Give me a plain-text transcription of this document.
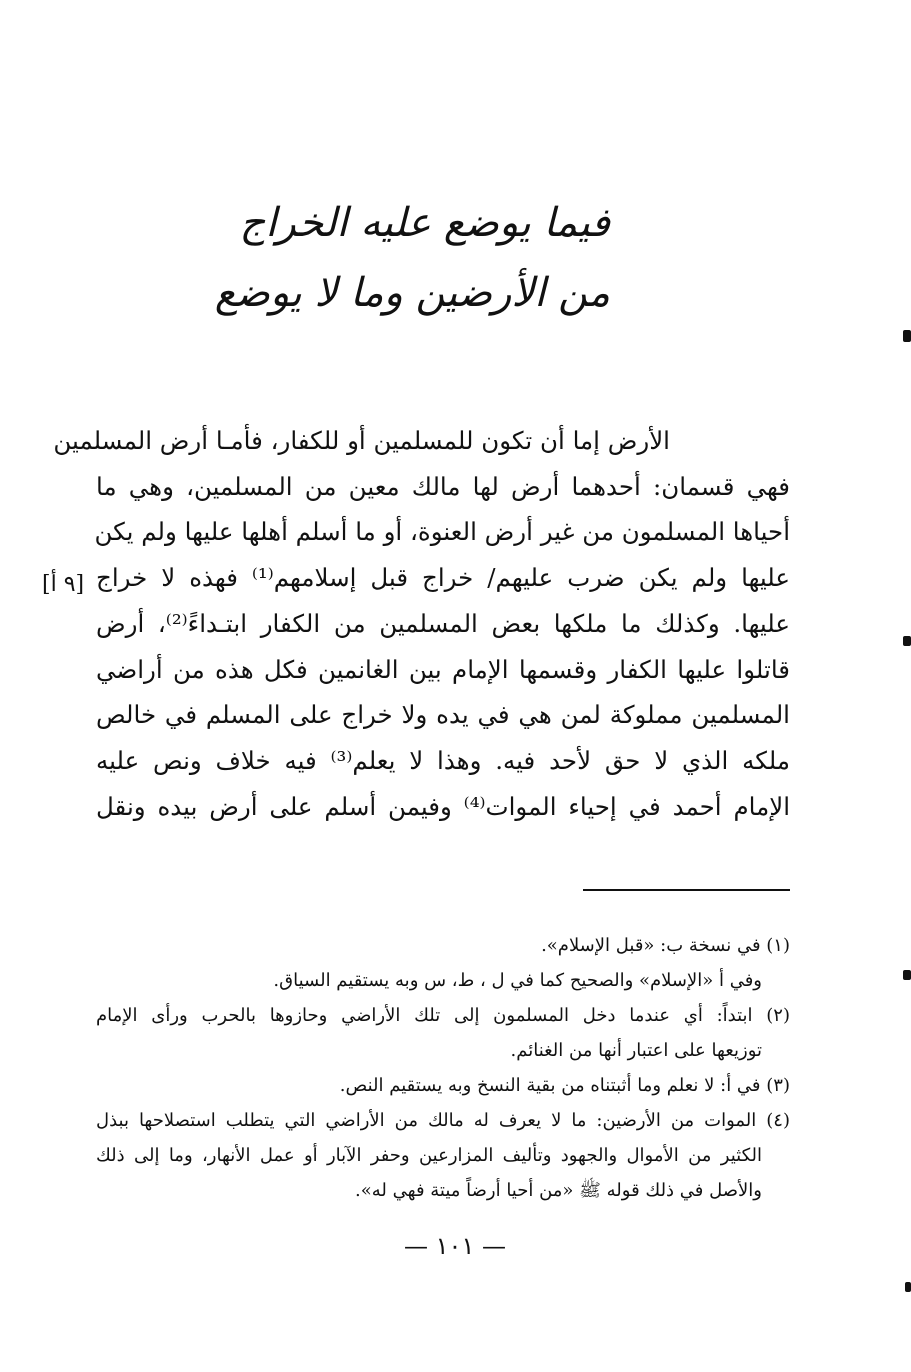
فيما يوضع عليه الخراج
من الأرضين وما لا يوضع
الأرض إما أن تكون للمسلمين أو للكفار، فأمـا أرض المسلمين
فهي قسمان: أحدهما أرض لها مالك معين من المسلمين، وهي ما
أحياها المسلمون من غير أرض العنوة، أو ما أسلم أهلها عليها ولم يكن
عليها ولم يكن ضرب عليهم/ خراج قبل إسلامهم⁽¹⁾ فهذه لا خراج
عليها. وكذلك ما ملكها بعض المسلمين من الكفار ابتـداءً⁽²⁾، أرض
قاتلوا عليها الكفار وقسمها الإمام بين الغانمين فكل هذه من أراضي
المسلمين مملوكة لمن هي في يده ولا خراج على المسلم في خالص
ملكه الذي لا حق لأحد فيه. وهذا لا يعلم⁽³⁾ فيه خلاف ونص عليه
الإمام أحمد في إحياء الموات⁽⁴⁾ وفيمن أسلم على أرض بيده ونقل
[٩ أ]
(١) في نسخة ب: «قبل الإسلام».
وفي أ «الإسلام» والصحيح كما في ل ، ط، س وبه يستقيم السياق.
(٢) ابتداً: أي عندما دخل المسلمون إلى تلك الأراضي وحازوها بالحرب ورأى الإمام
توزيعها على اعتبار أنها من الغنائم.
(٣) في أ: لا نعلم وما أثبتناه من بقية النسخ وبه يستقيم النص.
(٤) الموات من الأرضين: ما لا يعرف له مالك من الأراضي التي يتطلب استصلاحها ببذل
الكثير من الأموال والجهود وتأليف المزارعين وحفر الآبار أو عمل الأنهار، وما إلى ذلك
والأصل في ذلك قوله ﷺ «من أحيا أرضاً ميتة فهي له».
— ١٠١ —
